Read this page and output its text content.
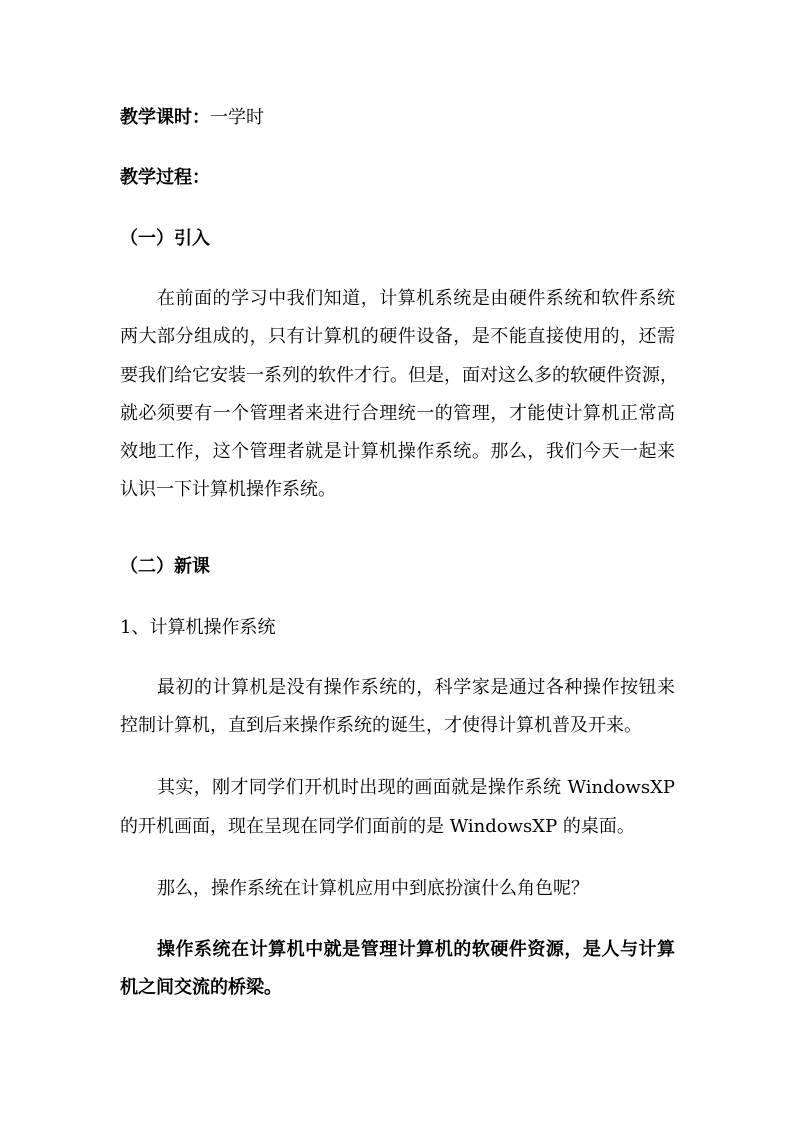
教学课时：一学时
教学过程：
（一）引入
在前面的学习中我们知道，计算机系统是由硬件系统和软件系统
两大部分组成的，只有计算机的硬件设备，是不能直接使用的，还需
要我们给它安装一系列的软件才行。但是，面对这么多的软硬件资源，
就必须要有一个管理者来进行合理统一的管理，才能使计算机正常高
效地工作，这个管理者就是计算机操作系统。那么，我们今天一起来
认识一下计算机操作系统。
（二）新课
1、计算机操作系统
最初的计算机是没有操作系统的，科学家是通过各种操作按钮来
控制计算机，直到后来操作系统的诞生，才使得计算机普及开来。
其实，刚才同学们开机时出现的画面就是操作系统 WindowsXP
的开机画面，现在呈现在同学们面前的是 WindowsXP 的桌面。
那么，操作系统在计算机应用中到底扮演什么角色呢？
操作系统在计算机中就是管理计算机的软硬件资源，是人与计算
机之间交流的桥梁。
